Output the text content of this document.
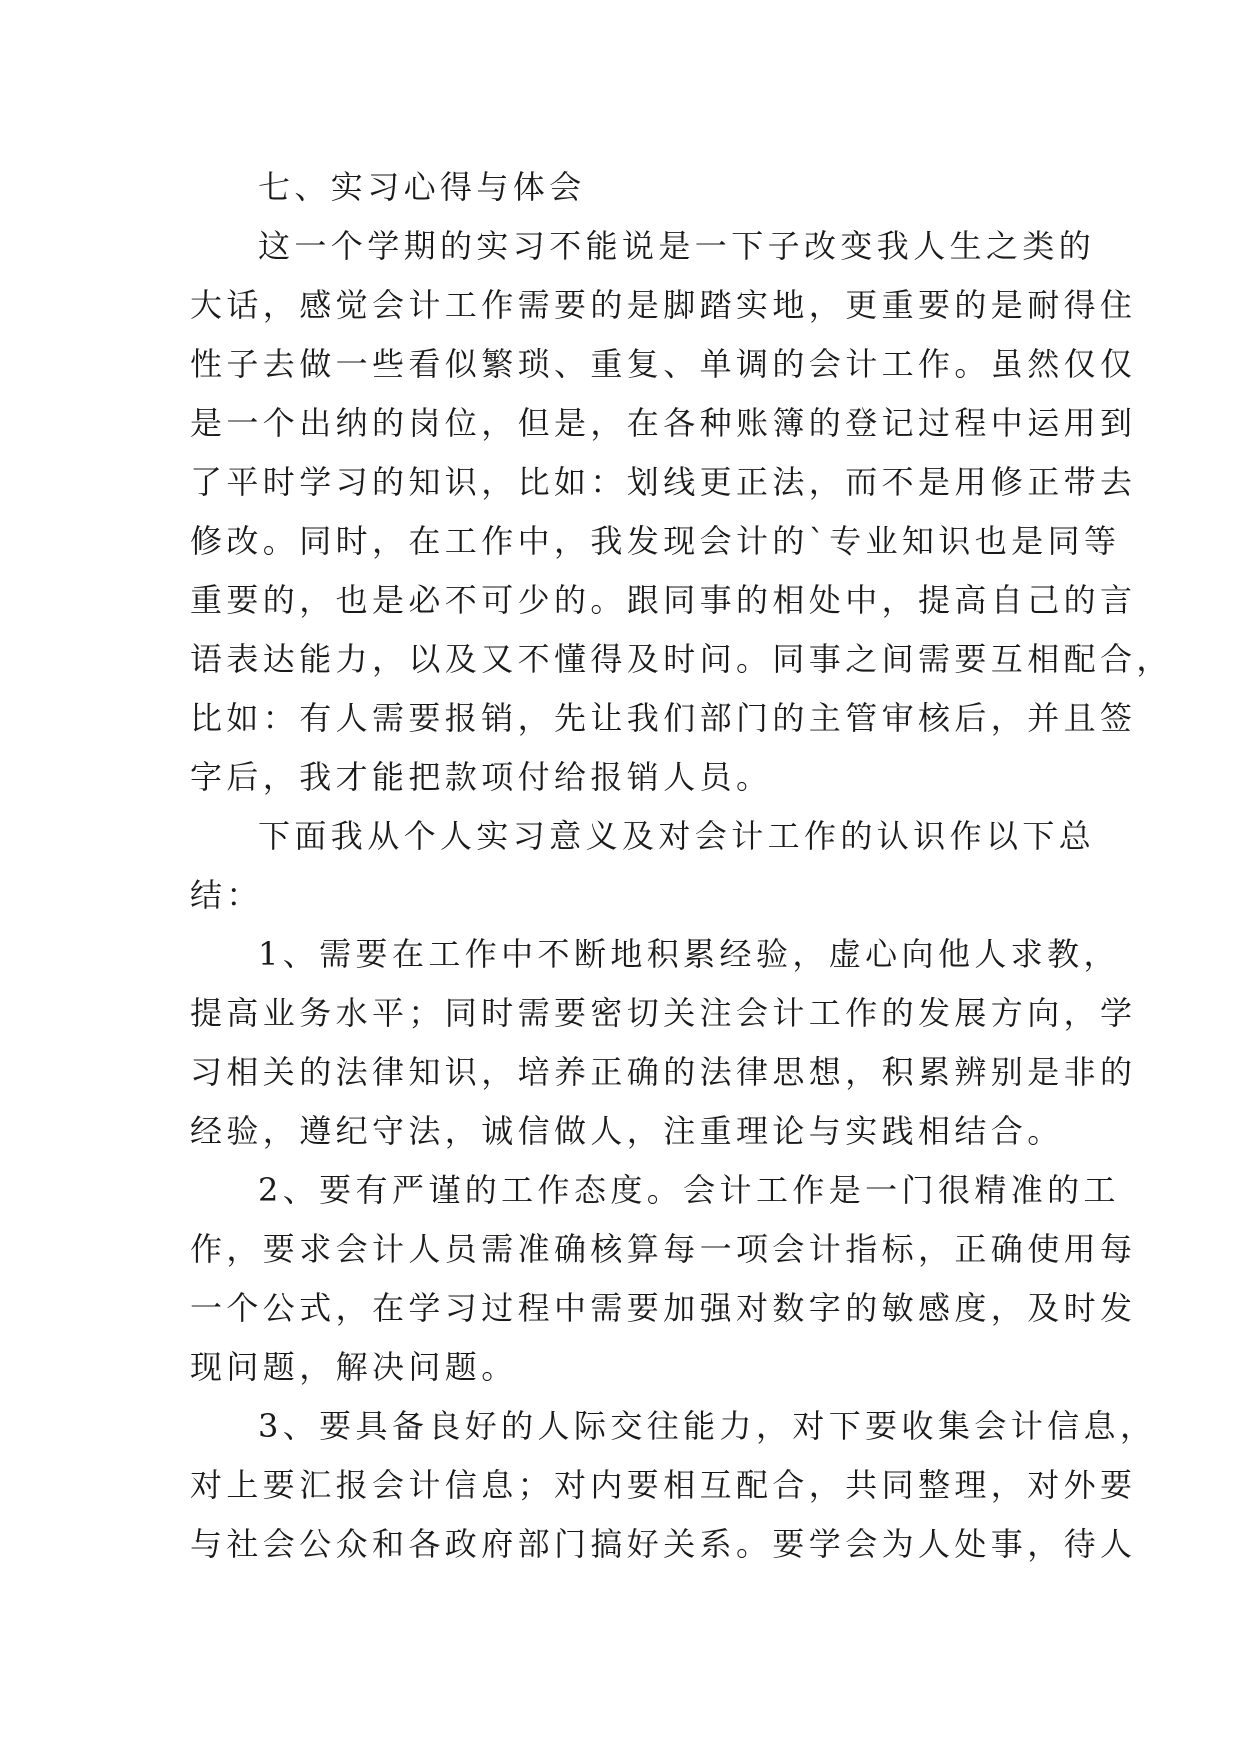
七、实习心得与体会
这一个学期的实习不能说是一下子改变我人生之类的
大话，感觉会计工作需要的是脚踏实地，更重要的是耐得住
性子去做一些看似繁琐、重复、单调的会计工作。虽然仅仅
是一个出纳的岗位，但是，在各种账簿的登记过程中运用到
了平时学习的知识，比如：划线更正法，而不是用修正带去
修改。同时，在工作中，我发现会计的`专业知识也是同等
重要的，也是必不可少的。跟同事的相处中，提高自己的言
语表达能力，以及又不懂得及时问。同事之间需要互相配合，
比如：有人需要报销，先让我们部门的主管审核后，并且签
字后，我才能把款项付给报销人员。
下面我从个人实习意义及对会计工作的认识作以下总
结：
1、需要在工作中不断地积累经验，虚心向他人求教，
提高业务水平；同时需要密切关注会计工作的发展方向，学
习相关的法律知识，培养正确的法律思想，积累辨别是非的
经验，遵纪守法，诚信做人，注重理论与实践相结合。
2、要有严谨的工作态度。会计工作是一门很精准的工
作，要求会计人员需准确核算每一项会计指标，正确使用每
一个公式，在学习过程中需要加强对数字的敏感度，及时发
现问题，解决问题。
3、要具备良好的人际交往能力，对下要收集会计信息，
对上要汇报会计信息；对内要相互配合，共同整理，对外要
与社会公众和各政府部门搞好关系。要学会为人处事，待人
